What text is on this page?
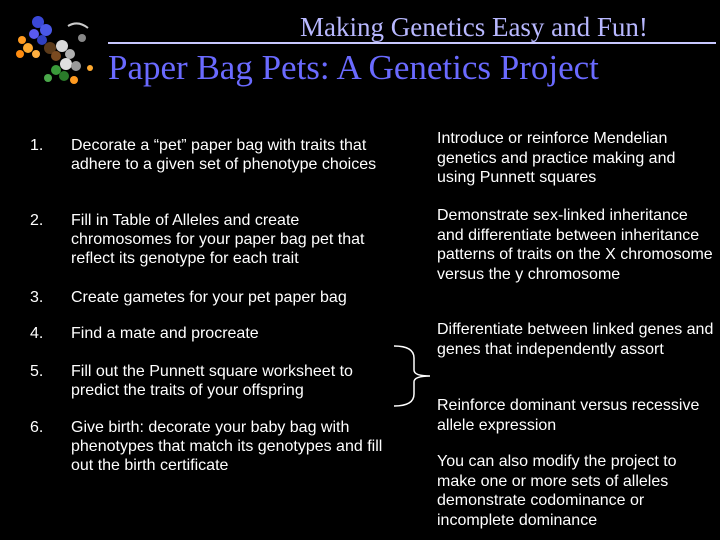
Making Genetics Easy and Fun!
Paper Bag Pets: A Genetics Project
1.	Decorate a “pet” paper bag with traits that adhere to a given set of phenotype choices
2.	Fill in Table of Alleles and create chromosomes for your paper bag pet that reflect its genotype for each trait
3.	Create gametes for your pet paper bag
4.	Find a mate and procreate
5.	Fill out the Punnett square worksheet to predict the traits of your offspring
6.	Give birth: decorate your baby bag with phenotypes that match its genotypes and fill out the birth certificate
Introduce or reinforce Mendelian genetics and practice making and using Punnett squares
Demonstrate sex-linked inheritance and differentiate between inheritance patterns of traits on the X chromosome versus the y chromosome
Differentiate between linked genes and genes that independently assort
Reinforce dominant versus recessive allele expression
You can also modify the project to make one or more sets of alleles demonstrate codominance or incomplete dominance
